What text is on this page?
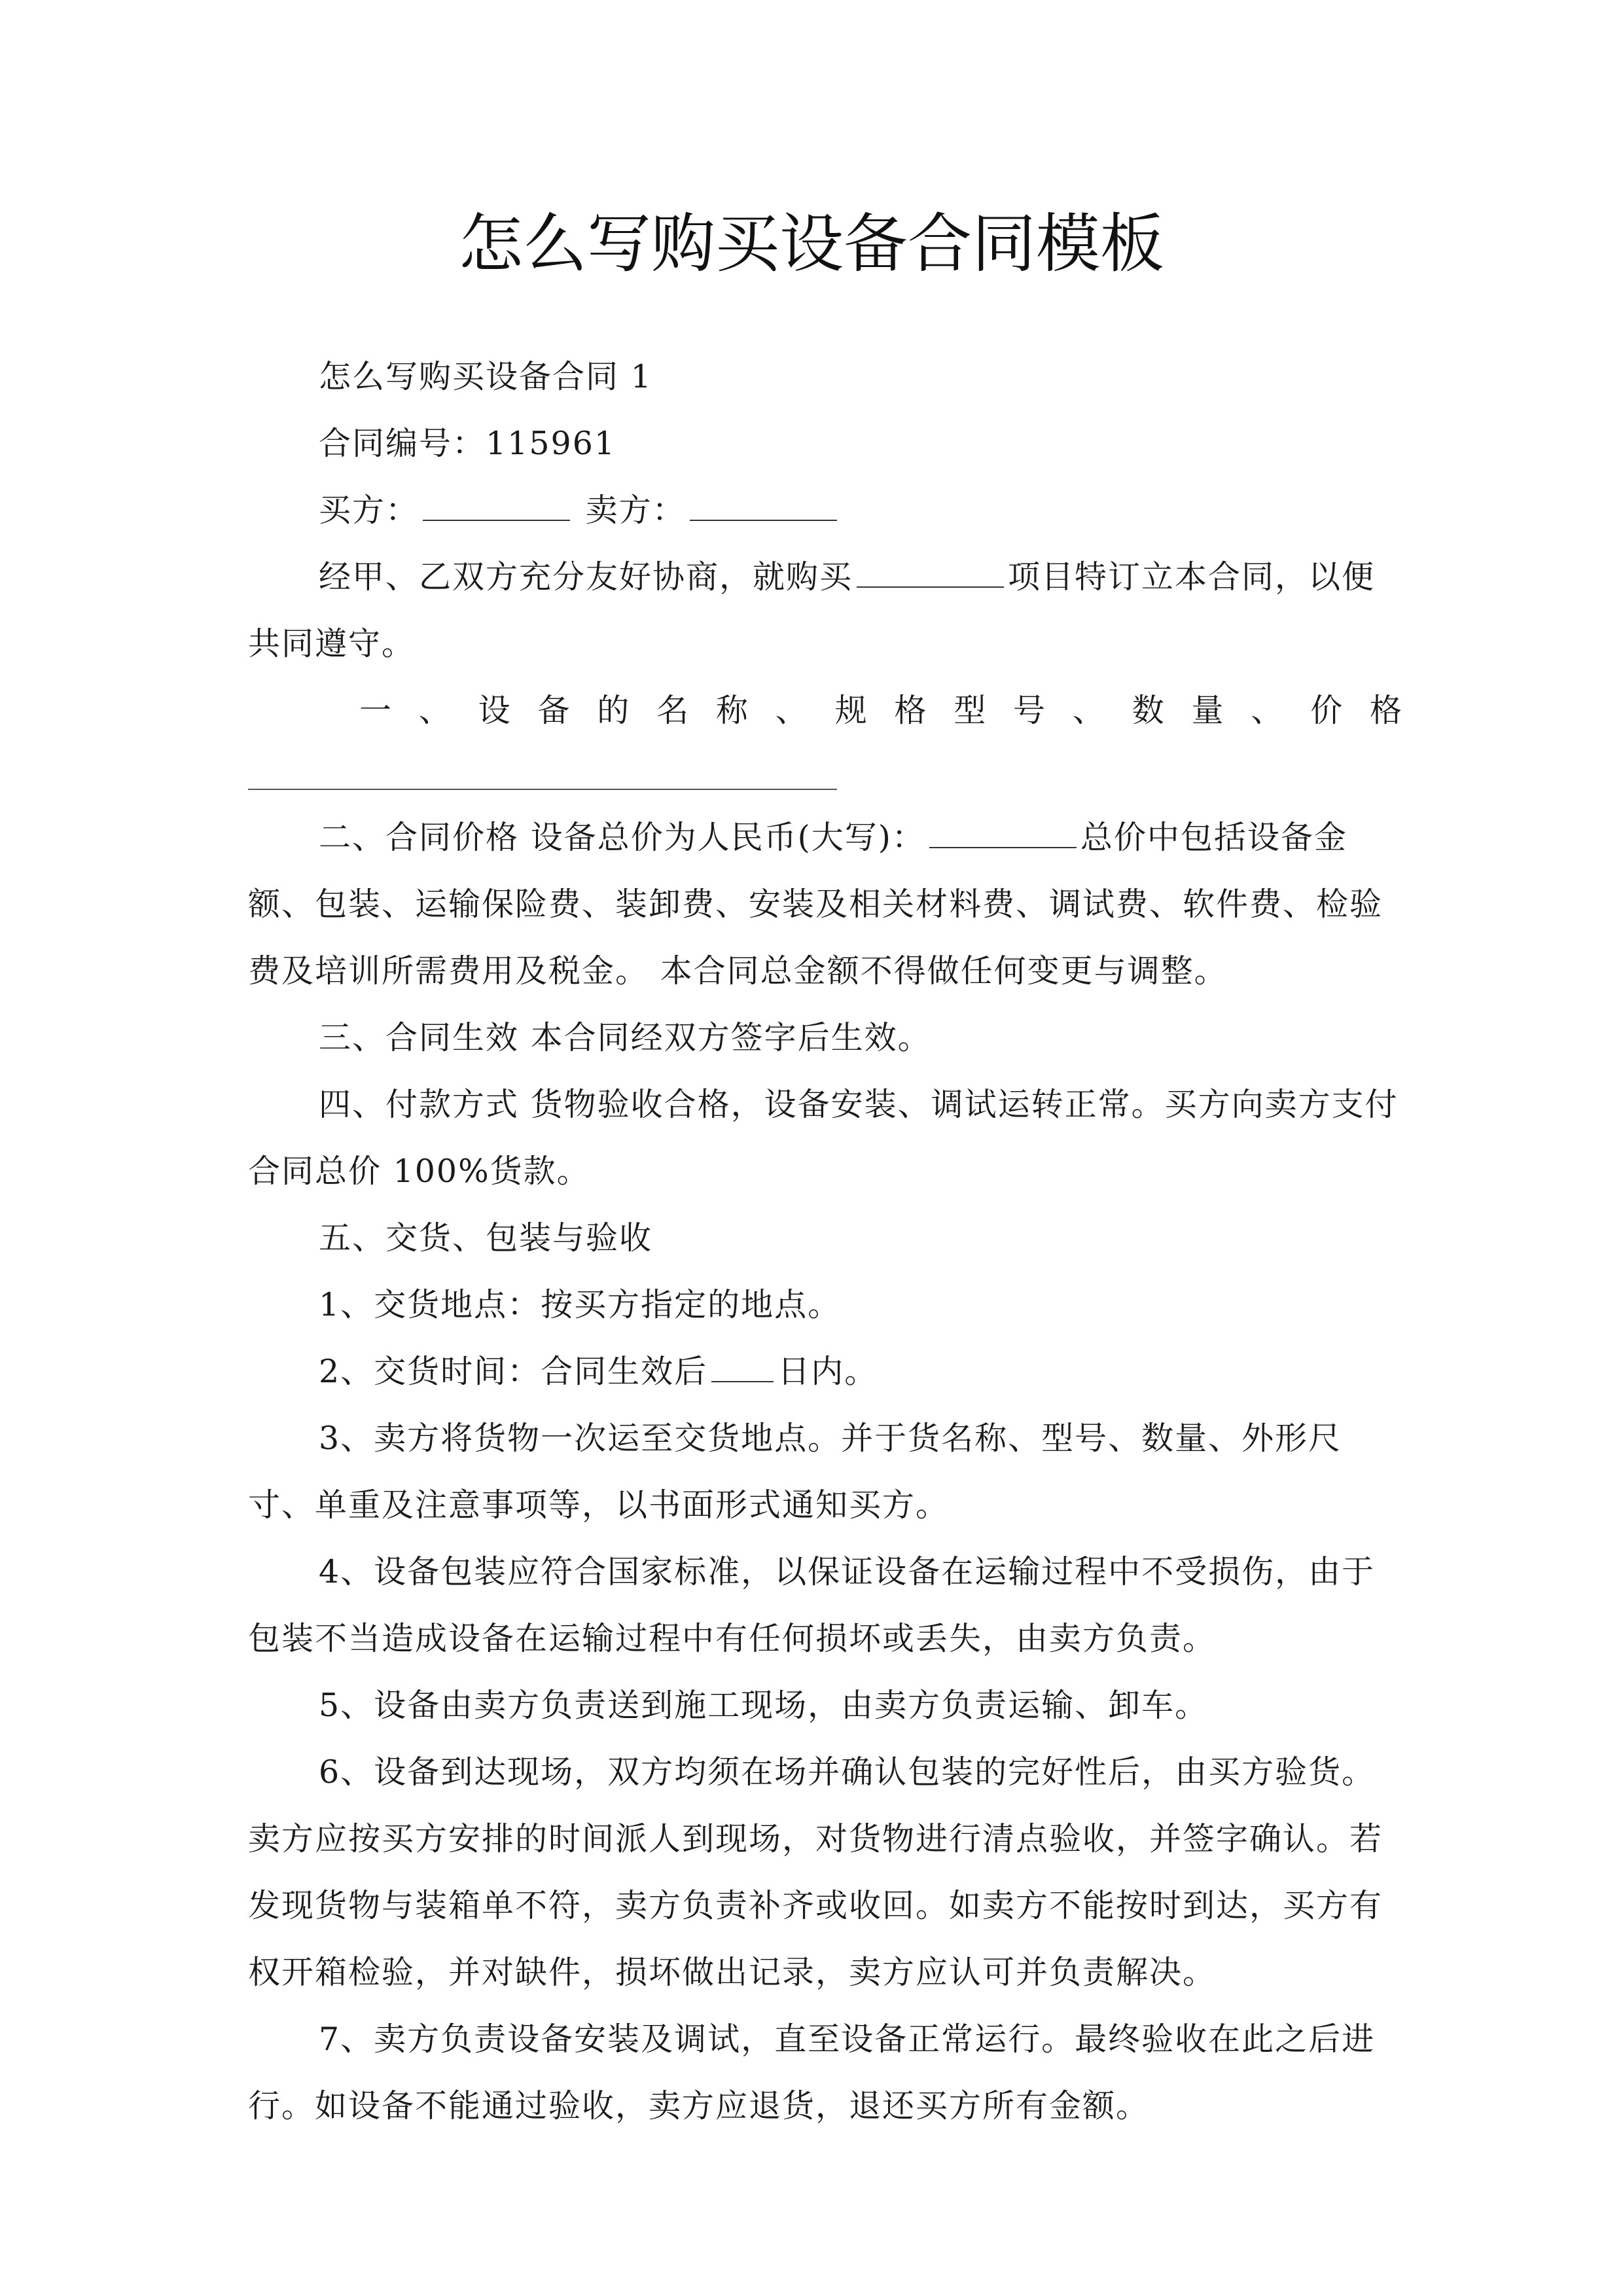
怎么写购买设备合同模板

怎么写购买设备合同 1

合同编号：115961

买方：	卖方：

经甲、乙双方充分友好协商，就购买	项目特订立本合同，以便共同遵守。

一、设备的名称、规格型号、数量、价格

二、合同价格 设备总价为人民币(大写)：	总价中包括设备金额、包装、运输保险费、装卸费、安装及相关材料费、调试费、软件费、检验费及培训所需费用及税金。 本合同总金额不得做任何变更与调整。

三、合同生效 本合同经双方签字后生效。

四、付款方式 货物验收合格，设备安装、调试运转正常。买方向卖方支付合同总价 100%货款。

五、交货、包装与验收

1、交货地点：按买方指定的地点。

2、交货时间：合同生效后 日内。

3、卖方将货物一次运至交货地点。并于货名称、型号、数量、外形尺寸、单重及注意事项等，以书面形式通知买方。

4、设备包装应符合国家标准，以保证设备在运输过程中不受损伤，由于包装不当造成设备在运输过程中有任何损坏或丢失，由卖方负责。

5、设备由卖方负责送到施工现场，由卖方负责运输、卸车。

6、设备到达现场，双方均须在场并确认包装的完好性后，由买方验货。卖方应按买方安排的时间派人到现场，对货物进行清点验收，并签字确认。若发现货物与装箱单不符，卖方负责补齐或收回。如卖方不能按时到达，买方有权开箱检验，并对缺件，损坏做出记录，卖方应认可并负责解决。

7、卖方负责设备安装及调试，直至设备正常运行。最终验收在此之后进行。如设备不能通过验收，卖方应退货，退还买方所有金额。
